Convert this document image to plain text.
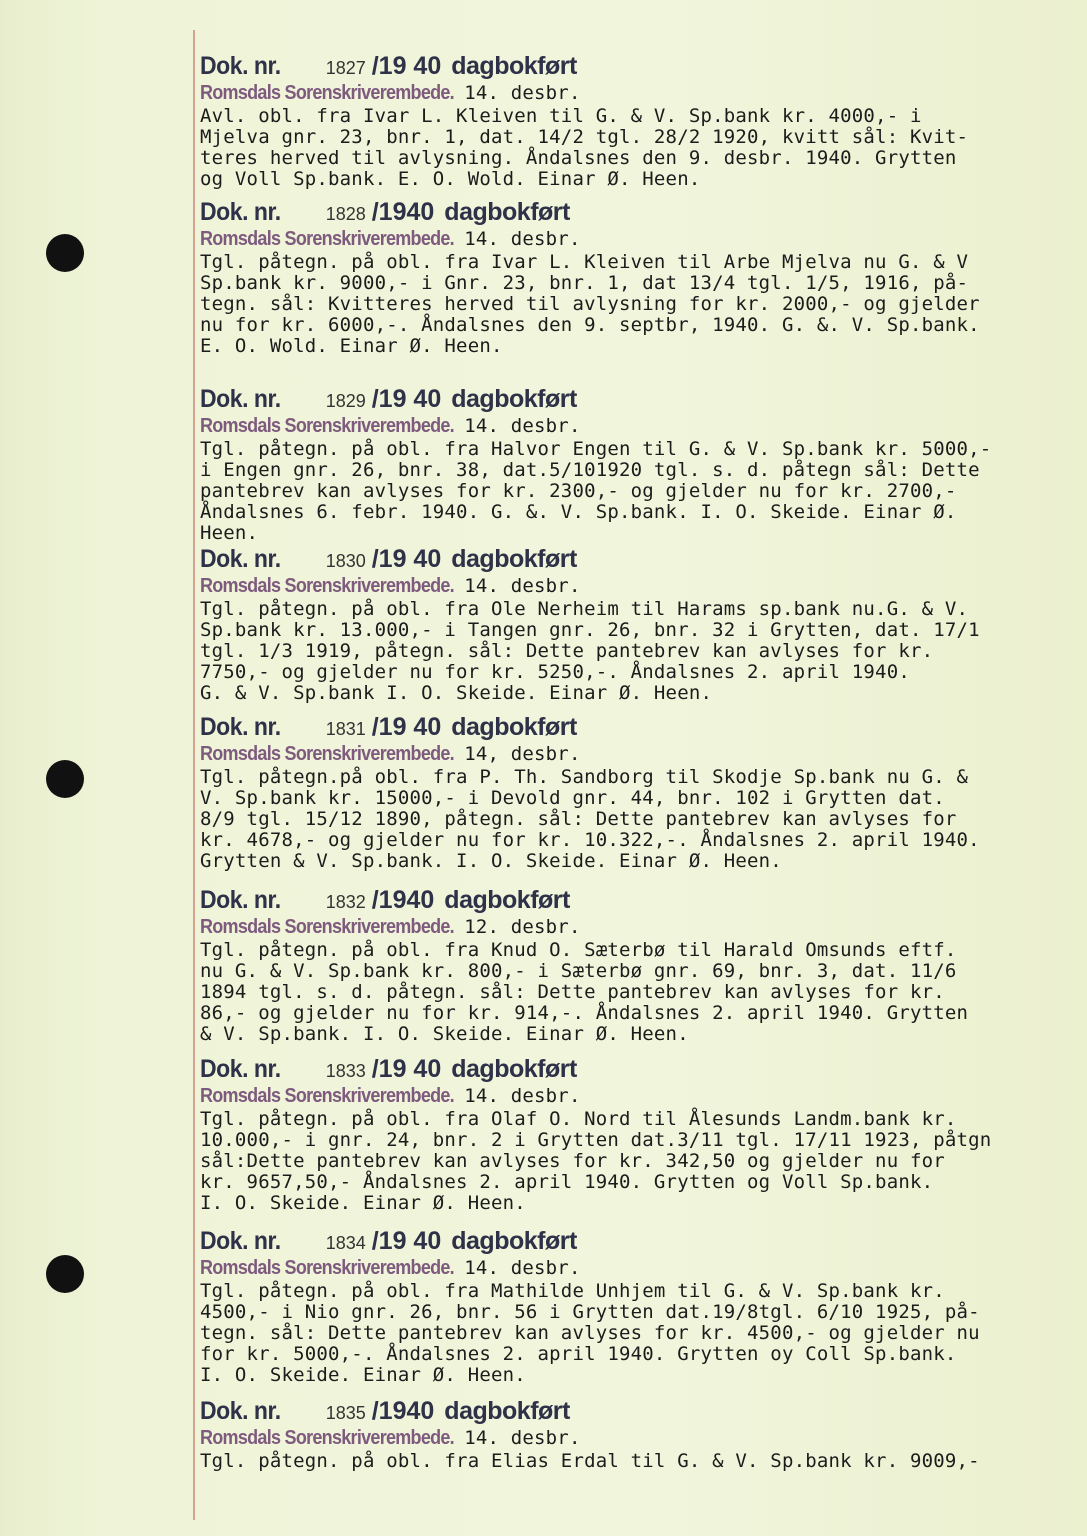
Dok. nr.	1827 /19 40 dagbokført
Romsdals Sorenskriverembede. 14. desbr.
Avl. obl. fra Ivar L. Kleiven til G. & V. Sp.bank kr. 4000,- i
Mjelva gnr. 23, bnr. 1, dat. 14/2 tgl. 28/2 1920, kvitt sål: Kvit-
teres herved til avlysning. Åndalsnes den 9. desbr. 1940. Grytten
og Voll Sp.bank. E. O. Wold. Einar Ø. Heen.
Dok. nr.	1828 /1940 dagbokført
Romsdals Sorenskriverembede. 14. desbr.
Tgl. påtegn. på obl. fra Ivar L. Kleiven til Arbe Mjelva nu G. & V
Sp.bank kr. 9000,- i Gnr. 23, bnr. 1, dat 13/4 tgl. 1/5, 1916, på-
tegn. sål: Kvitteres herved til avlysning for kr. 2000,- og gjelder
nu for kr. 6000,-. Åndalsnes den 9. septbr, 1940. G. &. V. Sp.bank.
E. O. Wold. Einar Ø. Heen.
Dok. nr.	1829 /19 40 dagbokført
Romsdals Sorenskriverembede. 14. desbr.
Tgl. påtegn. på obl. fra Halvor Engen til G. & V. Sp.bank kr. 5000,-
i Engen gnr. 26, bnr. 38, dat.5/101920 tgl. s. d. påtegn sål: Dette
pantebrev kan avlyses for kr. 2300,- og gjelder nu for kr. 2700,-
Åndalsnes 6. febr. 1940. G. &. V. Sp.bank. I. O. Skeide. Einar Ø.
Heen.
Dok. nr.	1830 /19 40 dagbokført
Romsdals Sorenskriverembede. 14. desbr.
Tgl. påtegn. på obl. fra Ole Nerheim til Harams sp.bank nu.G. & V.
Sp.bank kr. 13.000,- i Tangen gnr. 26, bnr. 32 i Grytten, dat. 17/1
tgl. 1/3 1919, påtegn. sål: Dette pantebrev kan avlyses for kr.
7750,- og gjelder nu for kr. 5250,-. Åndalsnes 2. april 1940.
G. & V. Sp.bank I. O. Skeide. Einar Ø. Heen.
Dok. nr.	1831 /19 40 dagbokført
Romsdals Sorenskriverembede. 14, desbr.
Tgl. påtegn.på obl. fra P. Th. Sandborg til Skodje Sp.bank nu G. &
V. Sp.bank kr. 15000,- i Devold gnr. 44, bnr. 102 i Grytten dat.
8/9 tgl. 15/12 1890, påtegn. sål: Dette pantebrev kan avlyses for
kr. 4678,- og gjelder nu for kr. 10.322,-. Åndalsnes 2. april 1940.
Grytten & V. Sp.bank. I. O. Skeide. Einar Ø. Heen.
Dok. nr.	1832 /1940 dagbokført
Romsdals Sorenskriverembede. 12. desbr.
Tgl. påtegn. på obl. fra Knud O. Sæterbø til Harald Omsunds eftf.
nu G. & V. Sp.bank kr. 800,- i Sæterbø gnr. 69, bnr. 3, dat. 11/6
1894 tgl. s. d. påtegn. sål: Dette pantebrev kan avlyses for kr.
86,- og gjelder nu for kr. 914,-. Åndalsnes 2. april 1940. Grytten
& V. Sp.bank. I. O. Skeide. Einar Ø. Heen.
Dok. nr.	1833 /19 40 dagbokført
Romsdals Sorenskriverembede. 14. desbr.
Tgl. påtegn. på obl. fra Olaf O. Nord til Ålesunds Landm.bank kr.
10.000,- i gnr. 24, bnr. 2 i Grytten dat.3/11 tgl. 17/11 1923, påtgn
sål:Dette pantebrev kan avlyses for kr. 342,50 og gjelder nu for
kr. 9657,50,- Åndalsnes 2. april 1940. Grytten og Voll Sp.bank.
I. O. Skeide. Einar Ø. Heen.
Dok. nr.	1834 /19 40 dagbokført
Romsdals Sorenskriverembede. 14. desbr.
Tgl. påtegn. på obl. fra Mathilde Unhjem til G. & V. Sp.bank kr.
4500,- i Nio gnr. 26, bnr. 56 i Grytten dat.19/8tgl. 6/10 1925, på-
tegn. sål: Dette pantebrev kan avlyses for kr. 4500,- og gjelder nu
for kr. 5000,-. Åndalsnes 2. april 1940. Grytten oy Coll Sp.bank.
I. O. Skeide. Einar Ø. Heen.
Dok. nr.	1835 /1940 dagbokført
Romsdals Sorenskriverembede. 14. desbr.
Tgl. påtegn. på obl. fra Elias Erdal til G. & V. Sp.bank kr. 9009,-
